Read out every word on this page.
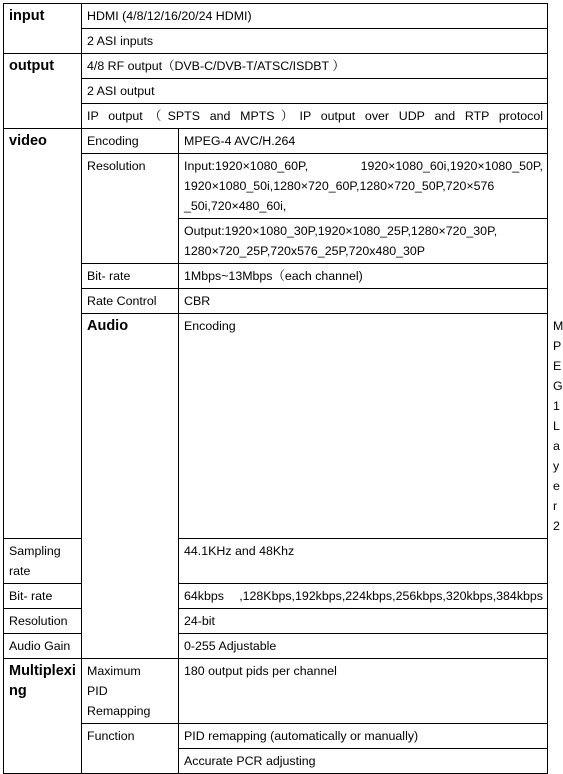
input	HDMI (4/8/12/16/20/24 HDMI)		
	2 ASI inputs		
output	4/8 RF output（DVB-C/DVB-T/ATSC/ISDBT ）		
	2 ASI output		
	IP output（SPTS and MPTS）IP output over UDP and RTP protocol		
video	Encoding	MPEG-4 AVC/H.264	
	Resolution	Input:1920×1080_60P, 1920×1080_60i,1920×1080_50P, 1920×1080_50i,1280×720_60P,1280×720_50P,720×576 _50i,720×480_60i,	
		Output:1920×1080_30P,1920×1080_25P,1280×720_30P, 1280×720_25P,720x576_25P,720x480_30P	
	Bit- rate	1Mbps~13Mbps（each channel)	
	Rate Control	CBR	
	Audio	Encoding	MPEG1 Layer2
Sampling rate		44.1KHz and 48Khz	
Bit- rate		64kbps ,128Kbps,192kbps,224kbps,256kbps,320kbps,384kbps	
Resolution		24-bit	
Audio Gain		0-255 Adjustable	
Multiplexing	Maximum PID Remapping	180 output pids per channel	
	Function	PID remapping (automatically or manually)	
		Accurate PCR adjusting	
